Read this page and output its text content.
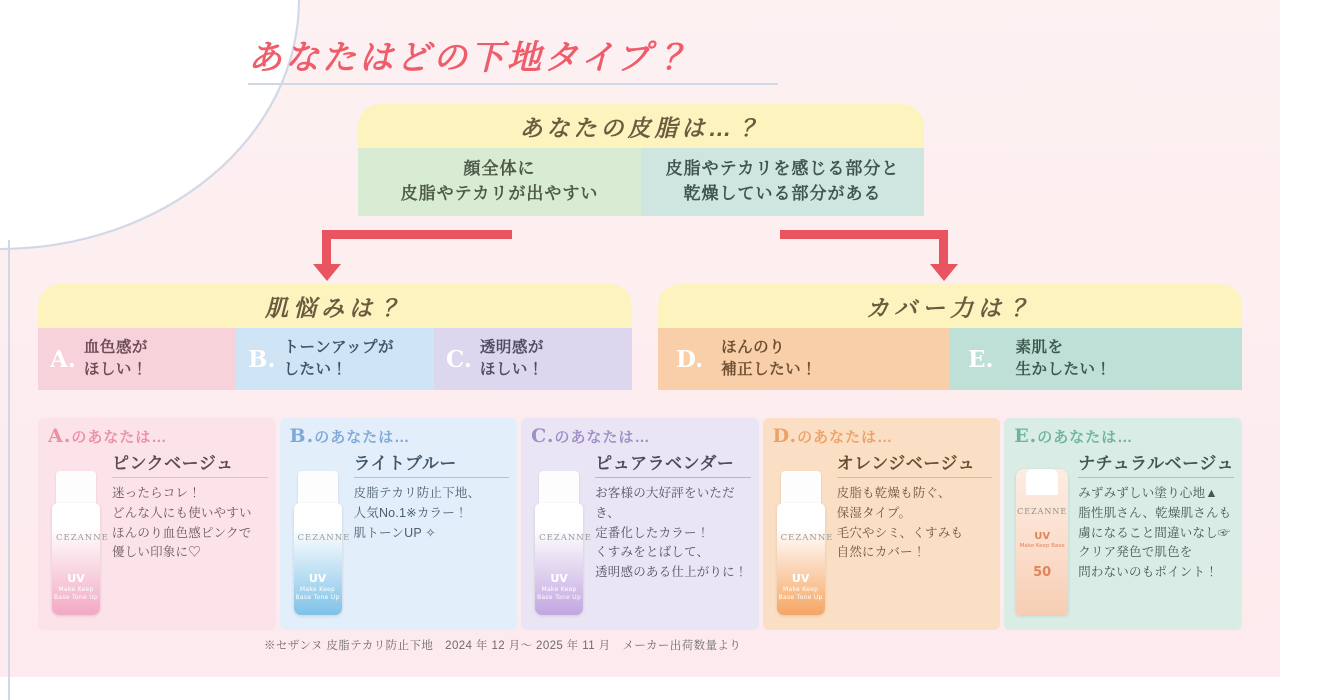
あなたはどの下地タイプ？
あなたの皮脂は…？
顔全体に
皮脂やテカリが出やすい
皮脂やテカリを感じる部分と
乾燥している部分がある
肌悩みは？
A. 血色感が
ほしい！	B. トーンアップが
したい！	C. 透明感が
ほしい！
カバー力は？
D. ほんのり
補正したい！	E. 素肌を
生かしたい！
A.のあなたは…
CEZANNE
UV
Make Keep Base Tone Up
ピンクベージュ
迷ったらコレ！
どんな人にも使いやすい
ほんのり血色感ピンクで
優しい印象に♡
B.のあなたは…
CEZANNE
UV
Make Keep Base Tone Up
ライトブルー
皮脂テカリ防止下地、
人気No.1※カラー！
肌トーンUP ✧
C.のあなたは…
CEZANNE
UV
Make Keep Base Tone Up
ピュアラベンダー
お客様の大好評をいただき、
定番化したカラー！
くすみをとばして、
透明感のある仕上がりに！
D.のあなたは…
CEZANNE
UV
Make Keep Base Tone Up
オレンジベージュ
皮脂も乾燥も防ぐ、
保湿タイプ。
毛穴やシミ、くすみも
自然にカバー！
E.のあなたは…
CEZANNE
UV
Make Keep Base
50
ナチュラルベージュ
みずみずしい塗り心地▲
脂性肌さん、乾燥肌さんも
虜になること間違いなし☞
クリア発色で肌色を
問わないのもポイント！
※セザンヌ 皮脂テカリ防止下地　2024 年 12 月〜 2025 年 11 月　メーカー出荷数量より
